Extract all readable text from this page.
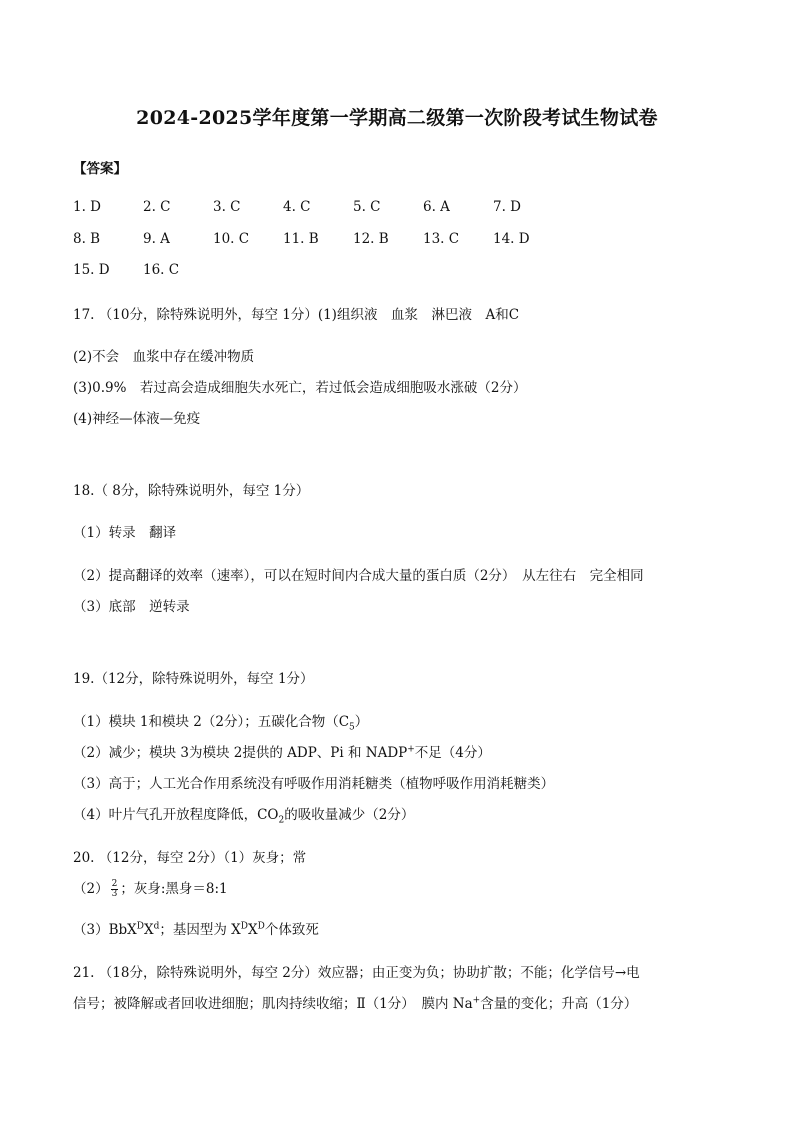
2024-2025学年度第一学期高二级第一次阶段考试生物试卷
【答案】
1. D	2. C	3. C	4. C	5. C	6. A	7. D
8. B	9. A	10. C	11. B	12. B	13. C	14. D
15. D 16. C
17. （10分，除特殊说明外，每空 1分）(1)组织液　血浆　淋巴液　A和C
(2)不会　血浆中存在缓冲物质
(3)0.9%　若过高会造成细胞失水死亡，若过低会造成细胞吸水涨破（2分）
(4)神经—体液—免疫
18.（ 8分，除特殊说明外，每空 1分）
（1）转录　翻译
（2）提高翻译的效率（速率），可以在短时间内合成大量的蛋白质（2分）　从左往右　完全相同
（3）底部　逆转录
19.（12分，除特殊说明外，每空 1分）
（1）模块 1和模块 2（2分）；五碳化合物$(C_5)$
（2）减少；模块 3为模块 2提供的 ADP、Pi 和 NADP+不足（4分）
（3）高于；人工光合作用系统没有呼吸作用消耗糖类（植物呼吸作用消耗糖类）
（4）叶片气孔开放程度降低，$CO_2$的吸收量减少（2分）
20. （12分，每空 2分）（1）灰身；常
$(2) \frac{2}{3}$ ；灰身:黑身＝8:1
$(3)BbX^DX^d$；基因型为 $X^DX^D$个体致死
21. （18分，除特殊说明外，每空 2分）效应器；由正变为负；协助扩散；不能；化学信号→电
信号；被降解或者回收进细胞；肌肉持续收缩；Ⅱ（1分）　膜内 Na+含量的变化；升高（1分）
